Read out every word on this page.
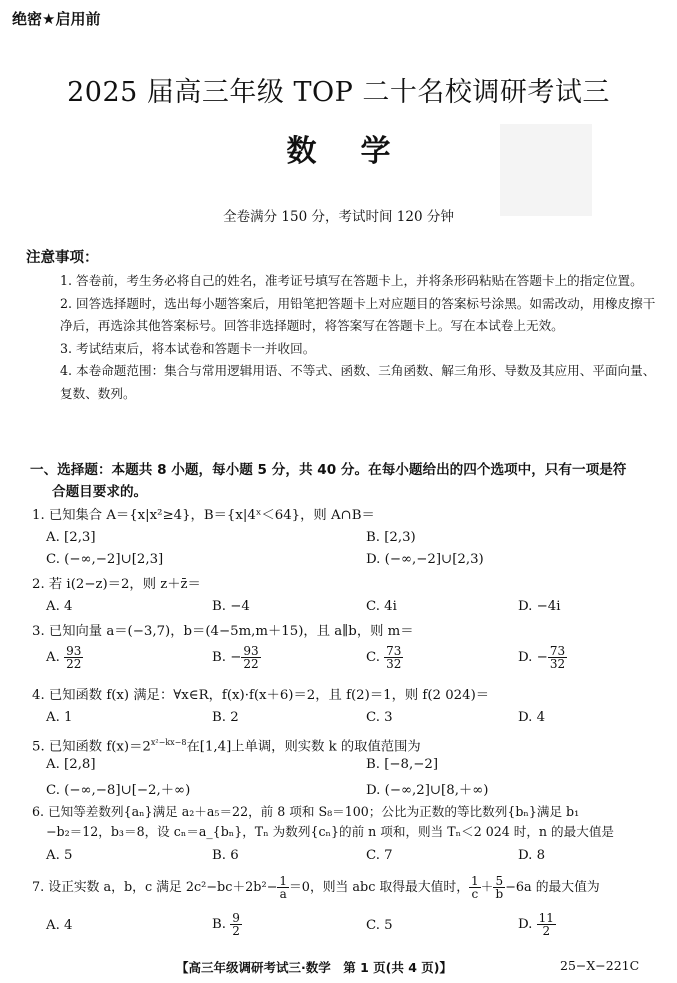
绝密★启用前
2025 届高三年级 TOP 二十名校调研考试三
数学
全卷满分 150 分，考试时间 120 分钟
注意事项：
1. 答卷前，考生务必将自己的姓名，准考证号填写在答题卡上，并将条形码粘贴在答题卡上的指定位置。
2. 回答选择题时，选出每小题答案后，用铅笔把答题卡上对应题目的答案标号涂黑。如需改动，用橡皮擦干净后，再选涂其他答案标号。回答非选择题时，将答案写在答题卡上。写在本试卷上无效。
3. 考试结束后，将本试卷和答题卡一并收回。
4. 本卷命题范围：集合与常用逻辑用语、不等式、函数、三角函数、解三角形、导数及其应用、平面向量、复数、数列。
一、选择题：本题共 8 小题，每小题 5 分，共 40 分。在每小题给出的四个选项中，只有一项是符
合题目要求的。
1. 已知集合 A＝{x|x²≥4}，B＝{x|4ˣ＜64}，则 A∩B＝
A. [2,3]	B. [2,3)
C. (−∞,−2]∪[2,3]	D. (−∞,−2]∪[2,3)
2. 若 i(2−z)＝2，则 z＋z̄＝
A. 4	B. −4	C. 4i	D. −4i
3. 已知向量 a＝(−3,7)，b＝(4−5m,m＋15)，且 a∥b，则 m＝
A. $\frac{93}{22}$	B. − $\frac{93}{22}$	C. $\frac{73}{32}$	D. − $\frac{73}{32}$
4. 已知函数 f(x) 满足：∀x∈R，f(x)·f(x＋6)＝2，且 f(2)＝1，则 f(2 024)＝
A. 1	B. 2	C. 3	D. 4
5. 已知函数 $f(x)=2^{x^2-kx-8}$在[1,4]上单调，则实数 k 的取值范围为
A. [2,8]	B. [−8,−2]
C. (−∞,−8]∪[−2,＋∞)	D. (−∞,2]∪[8,＋∞)
6. 已知等差数列{aₙ}满足 a₂＋a₅＝22，前 8 项和 S₈＝100；公比为正数的等比数列{bₙ}满足 b₁
−b₂＝12，b₃＝8，设 cₙ＝a_{bₙ}，Tₙ 为数列{cₙ}的前 n 项和，则当 Tₙ＜2 024 时，n 的最大值是
A. 5	B. 6	C. 7	D. 8
7. 设正实数 a，b，c 满足 $2c^2-bc+2b^2- \frac{1}{a} =0$，则当 abc 取得最大值时， $\frac{1}{c} + \frac{5}{b} -6a$ 的最大值为
A. 4	B. $\frac{9}{2}$	C. 5	D. $\frac{11}{2}$
【高三年级调研考试三·数学　第 1 页(共 4 页)】	25−X−221C
